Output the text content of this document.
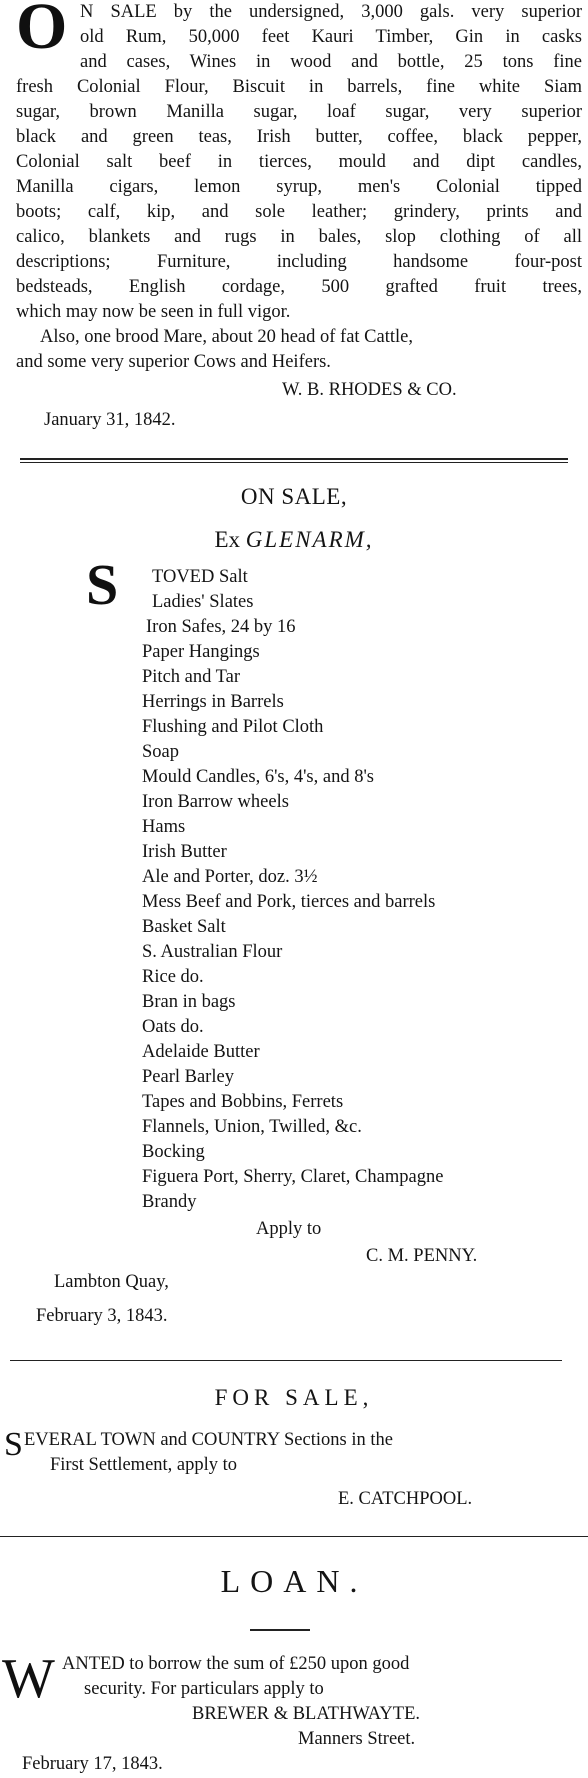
O N SALE by the undersigned, 3,000 gals. very superior
old Rum, 50,000 feet Kauri Timber, Gin in casks
and cases, Wines in wood and bottle, 25 tons fine
fresh Colonial Flour, Biscuit in barrels, fine white Siam
sugar, brown Manilla sugar, loaf sugar, very superior
black and green teas, Irish butter, coffee, black pepper,
Colonial salt beef in tierces, mould and dipt candles,
Manilla cigars, lemon syrup, men's Colonial tipped
boots; calf, kip, and sole leather; grindery, prints and
calico, blankets and rugs in bales, slop clothing of all
descriptions; Furniture, including handsome four-post
bedsteads, English cordage, 500 grafted fruit trees,
which may now be seen in full vigor.
Also, one brood Mare, about 20 head of fat Cattle,
and some very superior Cows and Heifers.
W. B. RHODES & CO.
January 31, 1842.
ON SALE,
Ex GLENARM,
S TOVED Salt
Ladies' Slates
Iron Safes, 24 by 16
Paper Hangings
Pitch and Tar
Herrings in Barrels
Flushing and Pilot Cloth
Soap
Mould Candles, 6's, 4's, and 8's
Iron Barrow wheels
Hams
Irish Butter
Ale and Porter, doz. 3½
Mess Beef and Pork, tierces and barrels
Basket Salt
S. Australian Flour
Rice do.
Bran in bags
Oats do.
Adelaide Butter
Pearl Barley
Tapes and Bobbins, Ferrets
Flannels, Union, Twilled, &c.
Bocking
Figuera Port, Sherry, Claret, Champagne
Brandy
Apply to
C. M. PENNY.
Lambton Quay,
February 3, 1843.
FOR SALE,
S EVERAL TOWN and COUNTRY Sections in the
First Settlement, apply to
E. CATCHPOOL.
LOAN.
W ANTED to borrow the sum of £250 upon good
security. For particulars apply to
BREWER & BLATHWAYTE.
Manners Street.
February 17, 1843.
